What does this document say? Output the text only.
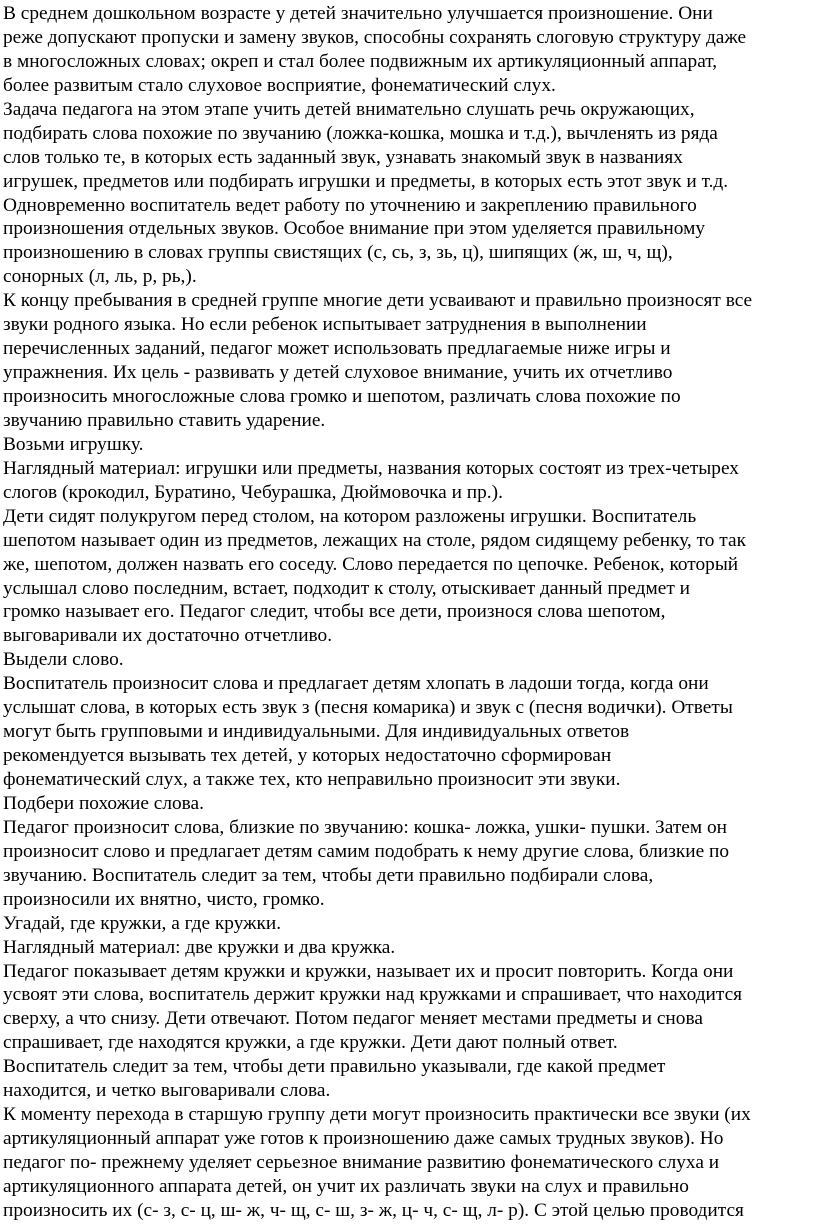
В среднем дошкольном возрасте у детей значительно улучшается произношение. Они
реже допускают пропуски и замену звуков, способны сохранять слоговую структуру даже
в многосложных словах; окреп и стал более подвижным их артикуляционный аппарат,
более развитым стало слуховое восприятие, фонематический слух.
Задача педагога на этом этапе учить детей внимательно слушать речь окружающих,
подбирать слова похожие по звучанию (ложка-кошка, мошка и т.д.), вычленять из ряда
слов только те, в которых есть заданный звук, узнавать знакомый звук в названиях
игрушек, предметов или подбирать игрушки и предметы, в которых есть этот звук и т.д.
Одновременно воспитатель ведет работу по уточнению и закреплению правильного
произношения отдельных звуков. Особое внимание при этом уделяется правильному
произношению в словах группы свистящих (с, сь, з, зь, ц), шипящих (ж, ш, ч, щ),
сонорных (л, ль, р, рь,).
К концу пребывания в средней группе многие дети усваивают и правильно произносят все
звуки родного языка. Но если ребенок испытывает затруднения в выполнении
перечисленных заданий, педагог может использовать предлагаемые ниже игры и
упражнения. Их цель - развивать у детей слуховое внимание, учить их отчетливо
произносить многосложные слова громко и шепотом, различать слова похожие по
звучанию правильно ставить ударение.
Возьми игрушку.
Наглядный материал: игрушки или предметы, названия которых состоят из трех-четырех
слогов (крокодил, Буратино, Чебурашка, Дюймовочка и пр.).
Дети сидят полукругом перед столом, на котором разложены игрушки. Воспитатель
шепотом называет один из предметов, лежащих на столе, рядом сидящему ребенку, то так
же, шепотом, должен назвать его соседу. Слово передается по цепочке. Ребенок, который
услышал слово последним, встает, подходит к столу, отыскивает данный предмет и
громко называет его. Педагог следит, чтобы все дети, произнося слова шепотом,
выговаривали их достаточно отчетливо.
Выдели слово.
Воспитатель произносит слова и предлагает детям хлопать в ладоши тогда, когда они
услышат слова, в которых есть звук з (песня комарика) и звук с (песня водички). Ответы
могут быть групповыми и индивидуальными. Для индивидуальных ответов
рекомендуется вызывать тех детей, у которых недостаточно сформирован
фонематический слух, а также тех, кто неправильно произносит эти звуки.
Подбери похожие слова.
Педагог произносит слова, близкие по звучанию: кошка- ложка, ушки- пушки. Затем он
произносит слово и предлагает детям самим подобрать к нему другие слова, близкие по
звучанию. Воспитатель следит за тем, чтобы дети правильно подбирали слова,
произносили их внятно, чисто, громко.
Угадай, где кружки, а где кружки.
Наглядный материал: две кружки и два кружка.
Педагог показывает детям кружки и кружки, называет их и просит повторить. Когда они
усвоят эти слова, воспитатель держит кружки над кружками и спрашивает, что находится
сверху, а что снизу. Дети отвечают. Потом педагог меняет местами предметы и снова
спрашивает, где находятся кружки, а где кружки. Дети дают полный ответ.
Воспитатель следит за тем, чтобы дети правильно указывали, где какой предмет
находится, и четко выговаривали слова.
К моменту перехода в старшую группу дети могут произносить практически все звуки (их
артикуляционный аппарат уже готов к произношению даже самых трудных звуков). Но
педагог по- прежнему уделяет серьезное внимание развитию фонематического слуха и
артикуляционного аппарата детей, он учит их различать звуки на слух и правильно
произносить их (с- з, с- ц, ш- ж, ч- щ, с- ш, з- ж, ц- ч, с- щ, л- р). С этой целью проводится
